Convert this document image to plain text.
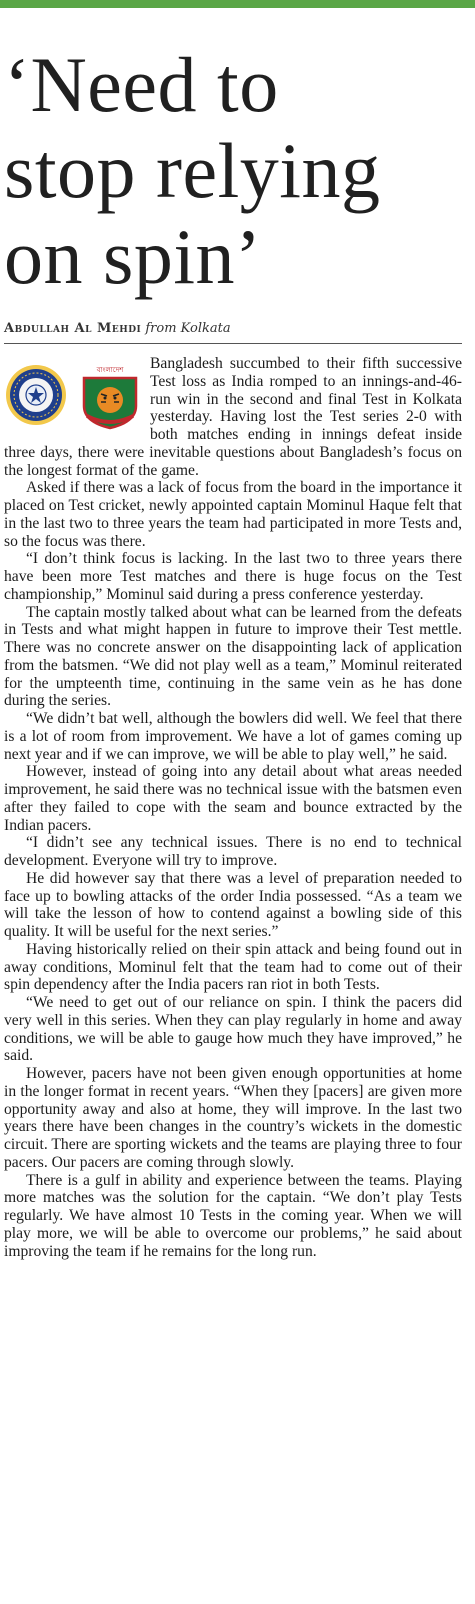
‘Need to
stop relying
on spin’
Abdullah Al Mehdi from Kolkata
বাংলাদেশ	Bangladesh succumbed to their fifth successive Test loss as India romped to an innings-and-46-run win in the second and final Test in Kolkata yesterday. Having lost the Test series 2-0 with both matches ending in innings defeat inside three days, there were inevitable questions about Bangladesh’s focus on the longest format of the game.

Asked if there was a lack of focus from the board in the importance it placed on Test cricket, newly appointed captain Mominul Haque felt that in the last two to three years the team had participated in more Tests and, so the focus was there.

“I don’t think focus is lacking. In the last two to three years there have been more Test matches and there is huge focus on the Test championship,” Mominul said during a press conference yesterday.

The captain mostly talked about what can be learned from the defeats in Tests and what might happen in future to improve their Test mettle. There was no concrete answer on the disappointing lack of application from the batsmen. “We did not play well as a team,” Mominul reiterated for the umpteenth time, continuing in the same vein as he has done during the series.

“We didn’t bat well, although the bowlers did well. We feel that there is a lot of room from improvement. We have a lot of games coming up next year and if we can improve, we will be able to play well,” he said.

However, instead of going into any detail about what areas needed improvement, he said there was no technical issue with the batsmen even after they failed to cope with the seam and bounce extracted by the Indian pacers.

“I didn’t see any technical issues. There is no end to technical development. Everyone will try to improve.

He did however say that there was a level of preparation needed to face up to bowling attacks of the order India possessed. “As a team we will take the lesson of how to contend against a bowling side of this quality. It will be useful for the next series.”

Having historically relied on their spin attack and being found out in away conditions, Mominul felt that the team had to come out of their spin dependency after the India pacers ran riot in both Tests.

“We need to get out of our reliance on spin. I think the pacers did very well in this series. When they can play regularly in home and away conditions, we will be able to gauge how much they have improved,” he said.

However, pacers have not been given enough opportunities at home in the longer format in recent years. “When they [pacers] are given more opportunity away and also at home, they will improve. In the last two years there have been changes in the country’s wickets in the domestic circuit. There are sporting wickets and the teams are playing three to four pacers. Our pacers are coming through slowly.

There is a gulf in ability and experience between the teams. Playing more matches was the solution for the captain. “We don’t play Tests regularly. We have almost 10 Tests in the coming year. When we will play more, we will be able to overcome our problems,” he said about improving the team if he remains for the long run.
